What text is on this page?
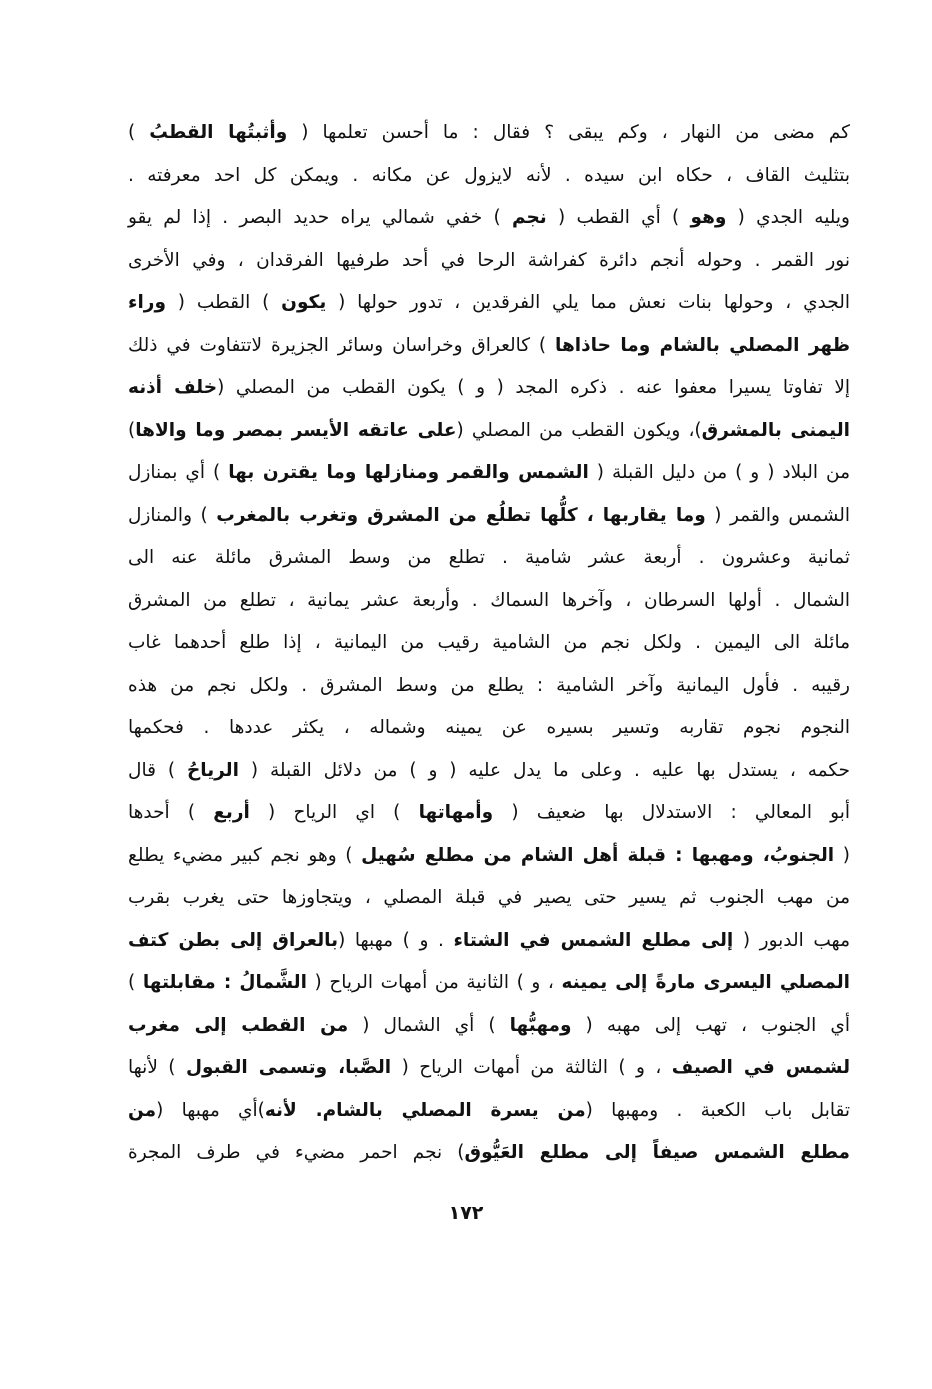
كم مضى من النهار ، وكم يبقى ؟ فقال : ما أحسن تعلمها ( وأثبتُها القطبُ )
بتثليث القاف ، حكاه ابن سيده . لأنه لايزول عن مكانه . ويمكن كل احد معرفته .
ويليه الجدي ( وهو ) أي القطب ( نجم ) خفي شمالي يراه حديد البصر . إذا لم يقو
نور القمر . وحوله أنجم دائرة كفراشة الرحا في أحد طرفيها الفرقدان ، وفي الأخرى
الجدي ، وحولها بنات نعش مما يلي الفرقدين ، تدور حولها ( يكون ) القطب ( وراء
ظهر المصلي بالشام وما حاذاها ) كالعراق وخراسان وسائر الجزيرة لاتتفاوت في ذلك
إلا تفاوتا يسيرا معفوا عنه . ذكره المجد ( و ) يكون القطب من المصلي (خلف أذنه
اليمنى بالمشرق)، ويكون القطب من المصلي (على عاتقه الأيسر بمصر وما والاها)
من البلاد ( و ) من دليل القبلة ( الشمس والقمر ومنازلها وما يقترن بها ) أي بمنازل
الشمس والقمر ( وما يقاربها ، كلُّها تطلُع من المشرق وتغرب بالمغرب ) والمنازل
ثمانية وعشرون . أربعة عشر شامية . تطلع من وسط المشرق مائلة عنه الى
الشمال . أولها السرطان ، وآخرها السماك . وأربعة عشر يمانية ، تطلع من المشرق
مائلة الى اليمين . ولكل نجم من الشامية رقيب من اليمانية ، إذا طلع أحدهما غاب
رقيبه . فأول اليمانية وآخر الشامية : يطلع من وسط المشرق . ولكل نجم من هذه
النجوم نجوم تقاربه وتسير بسيره عن يمينه وشماله ، يكثر عددها . فحكمها
حكمه ، يستدل بها عليه . وعلى ما يدل عليه ( و ) من دلائل القبلة ( الرياحُ ) قال
أبو المعالي : الاستدلال بها ضعيف ( وأمهاتها ) اي الرياح ( أربع ) أحدها
( الجنوبُ، ومهبها : قبلة أهل الشام من مطلع سُهيل ) وهو نجم كبير مضيء يطلع
من مهب الجنوب ثم يسير حتى يصير في قبلة المصلي ، ويتجاوزها حتى يغرب بقرب
مهب الدبور ( إلى مطلع الشمس في الشتاء . و ) مهبها (بالعراق إلى بطن كتف
المصلي اليسرى مارةً إلى يمينه ، و ) الثانية من أمهات الرياح ( الشَّمالُ : مقابلتها )
أي الجنوب ، تهب إلى مهبه ( ومهبُّها ) أي الشمال ( من القطب إلى مغرب
لشمس في الصيف ، و ) الثالثة من أمهات الرياح ( الصَّبا، وتسمى القبول ) لأنها
تقابل باب الكعبة . ومهبها (من يسرة المصلي بالشام. لأنه)أي مهبها (من
مطلع الشمس صيفاً إلى مطلع العَيُّوق) نجم احمر مضيء في طرف المجرة
١٧٢
